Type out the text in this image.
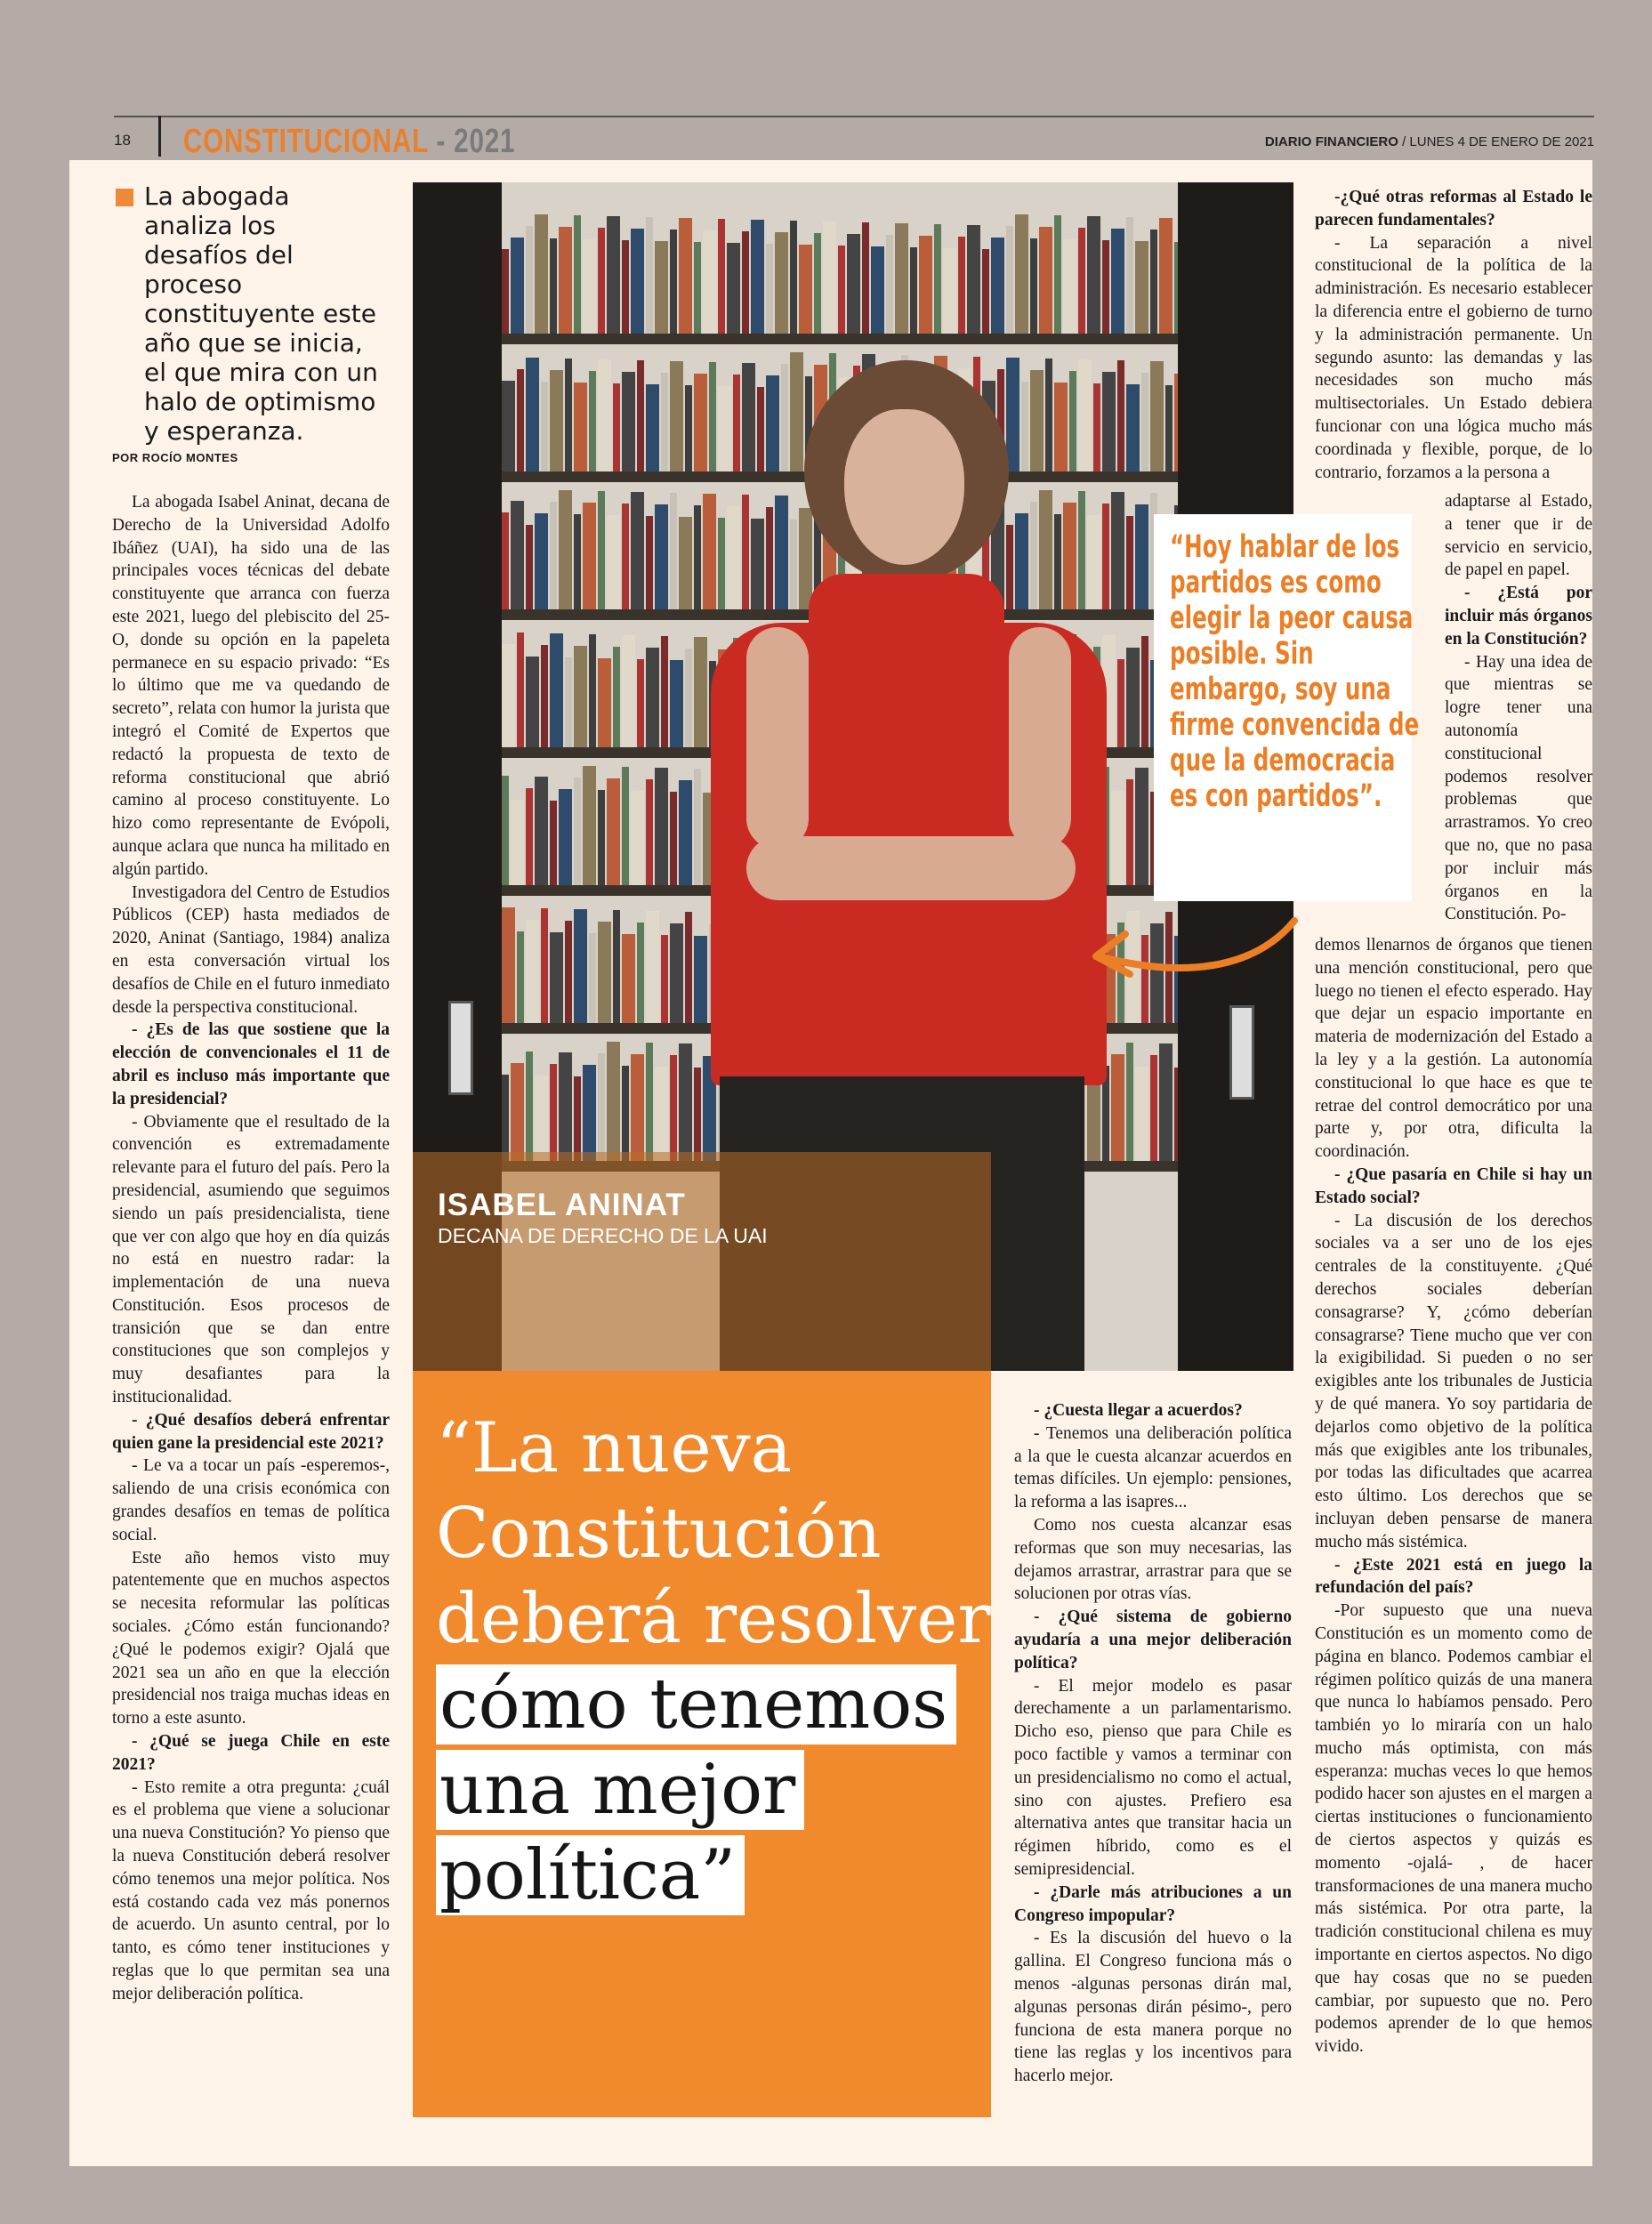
18 CONSTITUCIONAL - 2021	DIARIO FINANCIERO / LUNES 4 DE ENERO DE 2021
La abogada analiza los desafíos del proceso constituyente este año que se inicia, el que mira con un halo de optimismo y esperanza.
POR ROCÍO MONTES

La abogada Isabel Aninat, decana de Derecho de la Universidad Adolfo Ibáñez (UAI), ha sido una de las principales voces técnicas del debate constituyente que arranca con fuerza este 2021, luego del plebiscito del 25-O, donde su opción en la papeleta permanece en su espacio privado: “Es lo último que me va quedando de secreto”, relata con humor la jurista que integró el Comité de Expertos que redactó la propuesta de texto de reforma constitucional que abrió camino al proceso constituyente. Lo hizo como representante de Evópoli, aunque aclara que nunca ha militado en algún partido.

Investigadora del Centro de Estudios Públicos (CEP) hasta mediados de 2020, Aninat (Santiago, 1984) analiza en esta conversación virtual los desafíos de Chile en el futuro inmediato desde la perspectiva constitucional.

- ¿Es de las que sostiene que la elección de convencionales el 11 de abril es incluso más importante que la presidencial?

- Obviamente que el resultado de la convención es extremadamente relevante para el futuro del país. Pero la presidencial, asumiendo que seguimos siendo un país presidencialista, tiene que ver con algo que hoy en día quizás no está en nuestro radar: la implementación de una nueva Constitución. Esos procesos de transición que se dan entre constituciones que son complejos y muy desafiantes para la institucionalidad.

- ¿Qué desafíos deberá enfrentar quien gane la presidencial este 2021?

- Le va a tocar un país -esperemos-, saliendo de una crisis económica con grandes desafíos en temas de política social.

Este año hemos visto muy patentemente que en muchos aspectos se necesita reformular las políticas sociales. ¿Cómo están funcionando? ¿Qué le podemos exigir? Ojalá que 2021 sea un año en que la elección presidencial nos traiga muchas ideas en torno a este asunto.

- ¿Qué se juega Chile en este 2021?

- Esto remite a otra pregunta: ¿cuál es el problema que viene a solucionar una nueva Constitución? Yo pienso que la nueva Constitución deberá resolver cómo tenemos una mejor política. Nos está costando cada vez más ponernos de acuerdo. Un asunto central, por lo tanto, es cómo tener instituciones y reglas que lo que permitan sea una mejor deliberación política.

ISABEL ANINAT
DECANA DE DERECHO DE LA UAI
“Hoy hablar de los partidos es como elegir la peor causa posible. Sin embargo, soy una firme convencida de que la democracia es con partidos”.
“La nueva Constitución deberá resolver
cómo tenemos una mejor política”

- ¿Cuesta llegar a acuerdos?

- Tenemos una deliberación política a la que le cuesta alcanzar acuerdos en temas difíciles. Un ejemplo: pensiones, la reforma a las isapres...

Como nos cuesta alcanzar esas reformas que son muy necesarias, las dejamos arrastrar, arrastrar para que se solucionen por otras vías.

- ¿Qué sistema de gobierno ayudaría a una mejor deliberación política?

- El mejor modelo es pasar derechamente a un parlamentarismo. Dicho eso, pienso que para Chile es poco factible y vamos a terminar con un presidencialismo no como el actual, sino con ajustes. Prefiero esa alternativa antes que transitar hacia un régimen híbrido, como es el semipresidencial.

- ¿Darle más atribuciones a un Congreso impopular?

- Es la discusión del huevo o la gallina. El Congreso funciona más o menos -algunas personas dirán mal, algunas personas dirán pésimo-, pero funciona de esta manera porque no tiene las reglas y los incentivos para hacerlo mejor.

-¿Qué otras reformas al Estado le parecen fundamentales?

- La separación a nivel constitucional de la política de la administración. Es necesario establecer la diferencia entre el gobierno de turno y la administración permanente. Un segundo asunto: las demandas y las necesidades son mucho más multisectoriales. Un Estado debiera funcionar con una lógica mucho más coordinada y flexible, porque, de lo contrario, forzamos a la persona a

adaptarse al Estado, a tener que ir de servicio en servicio, de papel en papel.

- ¿Está por incluir más órganos en la Constitución?

- Hay una idea de que mientras se logre tener una autonomía constitucional podemos resolver problemas que arrastramos. Yo creo que no, que no pasa por incluir más órganos en la Constitución. Po-

demos llenarnos de órganos que tienen una mención constitucional, pero que luego no tienen el efecto esperado. Hay que dejar un espacio importante en materia de modernización del Estado a la ley y a la gestión. La autonomía constitucional lo que hace es que te retrae del control democrático por una parte y, por otra, dificulta la coordinación.

- ¿Que pasaría en Chile si hay un Estado social?

- La discusión de los derechos sociales va a ser uno de los ejes centrales de la constituyente. ¿Qué derechos sociales deberían consagrarse? Y, ¿cómo deberían consagrarse? Tiene mucho que ver con la exigibilidad. Si pueden o no ser exigibles ante los tribunales de Justicia y de qué manera. Yo soy partidaria de dejarlos como objetivo de la política más que exigibles ante los tribunales, por todas las dificultades que acarrea esto último. Los derechos que se incluyan deben pensarse de manera mucho más sistémica.

- ¿Este 2021 está en juego la refundación del país?

-Por supuesto que una nueva Constitución es un momento como de página en blanco. Podemos cambiar el régimen político quizás de una manera que nunca lo habíamos pensado. Pero también yo lo miraría con un halo mucho más optimista, con más esperanza: muchas veces lo que hemos podido hacer son ajustes en el margen a ciertas instituciones o funcionamiento de ciertos aspectos y quizás es momento -ojalá- , de hacer transformaciones de una manera mucho más sistémica. Por otra parte, la tradición constitucional chilena es muy importante en ciertos aspectos. No digo que hay cosas que no se pueden cambiar, por supuesto que no. Pero podemos aprender de lo que hemos vivido.
